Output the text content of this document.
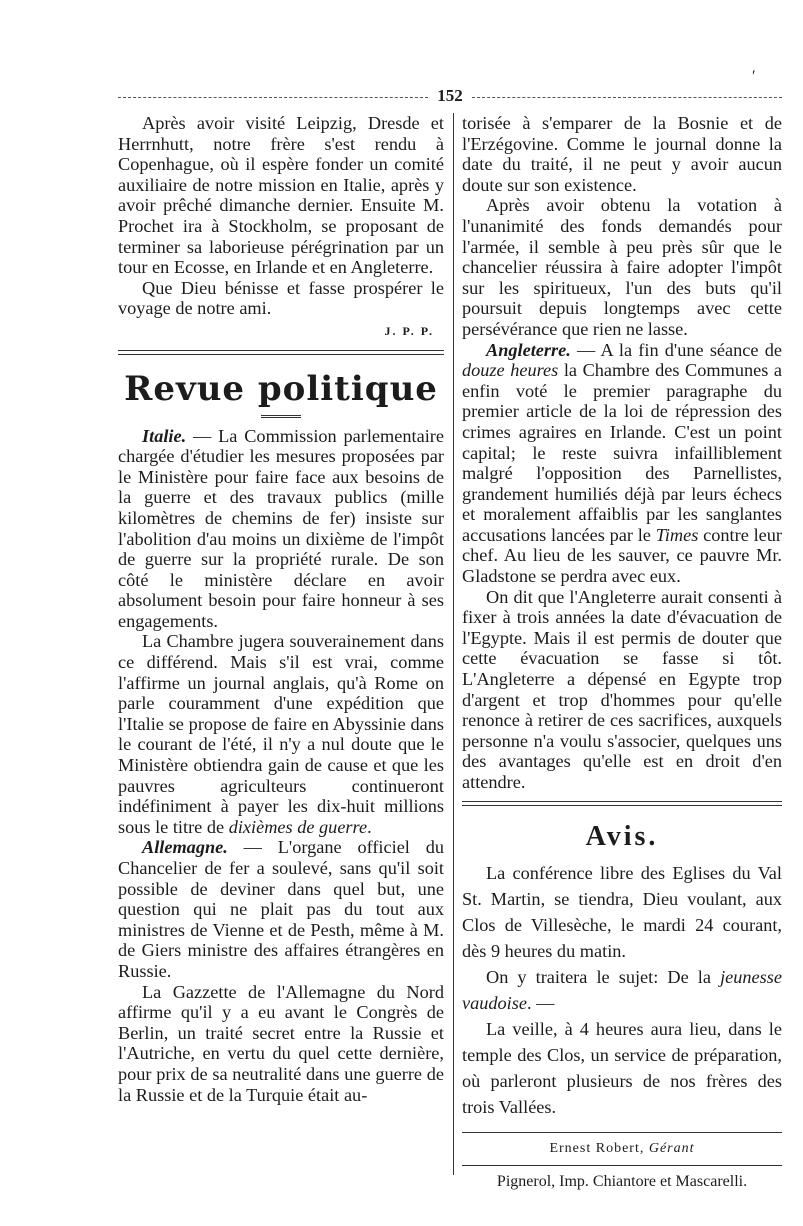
152
′

Après avoir visité Leipzig, Dresde et Herrnhutt, notre frère s'est rendu à Copenhague, où il espère fonder un comité auxiliaire de notre mission en Italie, après y avoir prêché dimanche dernier. Ensuite M. Prochet ira à Stockholm, se proposant de terminer sa laborieuse pérégrination par un tour en Ecosse, en Irlande et en Angleterre.

Que Dieu bénisse et fasse prospérer le voyage de notre ami.

J. P. P.
Revue politique

Italie. — La Commission parlementaire chargée d'étudier les mesures proposées par le Ministère pour faire face aux besoins de la guerre et des travaux publics (mille kilomètres de chemins de fer) insiste sur l'abolition d'au moins un dixième de l'impôt de guerre sur la propriété rurale. De son côté le ministère déclare en avoir absolument besoin pour faire honneur à ses engagements.

La Chambre jugera souverainement dans ce différend. Mais s'il est vrai, comme l'affirme un journal anglais, qu'à Rome on parle couramment d'une expédition que l'Italie se propose de faire en Abyssinie dans le courant de l'été, il n'y a nul doute que le Ministère obtiendra gain de cause et que les pauvres agriculteurs continueront indéfiniment à payer les dix-huit millions sous le titre de dixièmes de guerre.

Allemagne. — L'organe officiel du Chancelier de fer a soulevé, sans qu'il soit possible de deviner dans quel but, une question qui ne plait pas du tout aux ministres de Vienne et de Pesth, même à M. de Giers ministre des affaires étrangères en Russie.

La Gazzette de l'Allemagne du Nord affirme qu'il y a eu avant le Congrès de Berlin, un traité secret entre la Russie et l'Autriche, en vertu du quel cette dernière, pour prix de sa neutralité dans une guerre de la Russie et de la Turquie était au-

torisée à s'emparer de la Bosnie et de l'Erzégovine. Comme le journal donne la date du traité, il ne peut y avoir aucun doute sur son existence.

Après avoir obtenu la votation à l'unanimité des fonds demandés pour l'armée, il semble à peu près sûr que le chancelier réussira à faire adopter l'impôt sur les spiritueux, l'un des buts qu'il poursuit depuis longtemps avec cette persévérance que rien ne lasse.

Angleterre. — A la fin d'une séance de douze heures la Chambre des Communes a enfin voté le premier paragraphe du premier article de la loi de répression des crimes agraires en Irlande. C'est un point capital; le reste suivra infailliblement malgré l'opposition des Parnellistes, grandement humiliés déjà par leurs échecs et moralement affaiblis par les sanglantes accusations lancées par le Times contre leur chef. Au lieu de les sauver, ce pauvre Mr. Gladstone se perdra avec eux.

On dit que l'Angleterre aurait consenti à fixer à trois années la date d'évacuation de l'Egypte. Mais il est permis de douter que cette évacuation se fasse si tôt. L'Angleterre a dépensé en Egypte trop d'argent et trop d'hommes pour qu'elle renonce à retirer de ces sacrifices, auxquels personne n'a voulu s'associer, quelques uns des avantages qu'elle est en droit d'en attendre.

Avis.

La conférence libre des Eglises du Val St. Martin, se tiendra, Dieu voulant, aux Clos de Villesèche, le mardi 24 courant, dès 9 heures du matin.

On y traitera le sujet: De la jeunesse vaudoise. —

La veille, à 4 heures aura lieu, dans le temple des Clos, un service de préparation, où parleront plusieurs de nos frères des trois Vallées.

Ernest Robert, Gérant
Pignerol, Imp. Chiantore et Mascarelli.
